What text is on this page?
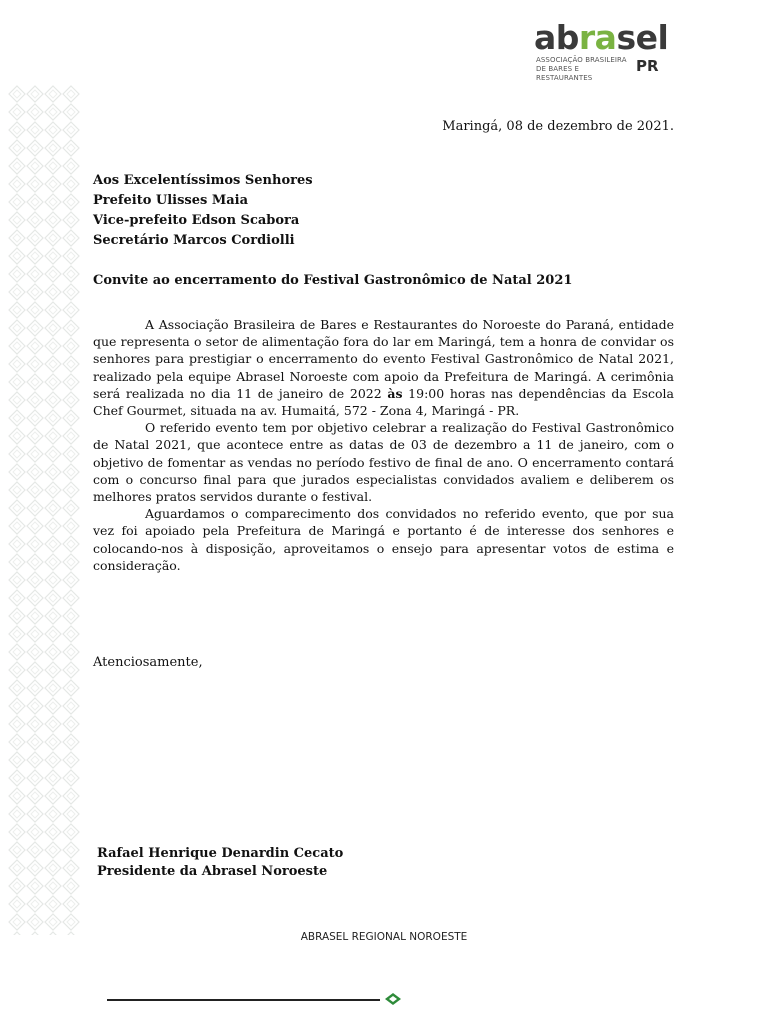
abrasel
ASSOCIAÇÃO BRASILEIRA DE BARES E RESTAURANTES
PR
Maringá, 08 de dezembro de 2021.
Aos Excelentíssimos Senhores
Prefeito Ulisses Maia
Vice-prefeito Edson Scabora
Secretário Marcos Cordiolli
Convite ao encerramento do Festival Gastronômico de Natal 2021

A Associação Brasileira de Bares e Restaurantes do Noroeste do Paraná, entidade que representa o setor de alimentação fora do lar em Maringá, tem a honra de convidar os senhores para prestigiar o encerramento do evento Festival Gastronômico de Natal 2021, realizado pela equipe Abrasel Noroeste com apoio da Prefeitura de Maringá. A cerimônia será realizada no dia 11 de janeiro de 2022 às 19:00 horas nas dependências da Escola Chef Gourmet, situada na av. Humaitá, 572 - Zona 4, Maringá - PR.

O referido evento tem por objetivo celebrar a realização do Festival Gastronômico de Natal 2021, que acontece entre as datas de 03 de dezembro a 11 de janeiro, com o objetivo de fomentar as vendas no período festivo de final de ano. O encerramento contará com o concurso final para que jurados especialistas convidados avaliem e deliberem os melhores pratos servidos durante o festival.

Aguardamos o comparecimento dos convidados no referido evento, que por sua vez foi apoiado pela Prefeitura de Maringá e portanto é de interesse dos senhores e colocando-nos à disposição, aproveitamos o ensejo para apresentar votos de estima e consideração.

Atenciosamente,
Rafael Henrique Denardin Cecato
Presidente da Abrasel Noroeste
ABRASEL REGIONAL NOROESTE
